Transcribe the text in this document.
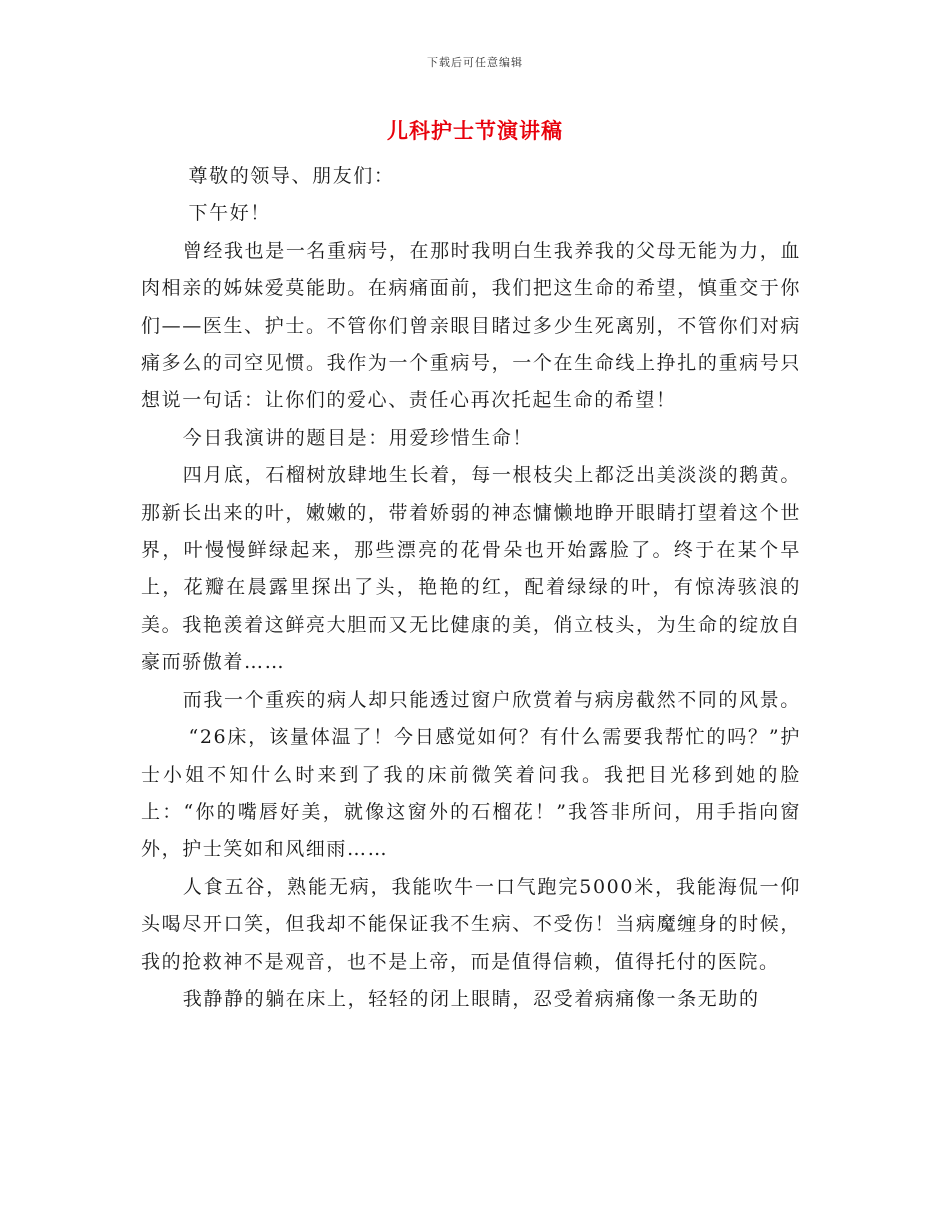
下载后可任意编辑
儿科护士节演讲稿

尊敬的领导、朋友们：

下午好！

曾经我也是一名重病号，在那时我明白生我养我的父母无能为力，血肉相亲的姊妹爱莫能助。在病痛面前，我们把这生命的希望，慎重交于你们——医生、护士。不管你们曾亲眼目睹过多少生死离别，不管你们对病痛多么的司空见惯。我作为一个重病号，一个在生命线上挣扎的重病号只想说一句话：让你们的爱心、责任心再次托起生命的希望！

今日我演讲的题目是：用爱珍惜生命！

四月底，石榴树放肆地生长着，每一根枝尖上都泛出美淡淡的鹅黄。那新长出来的叶，嫩嫩的，带着娇弱的神态慵懒地睁开眼睛打望着这个世界，叶慢慢鲜绿起来，那些漂亮的花骨朵也开始露脸了。终于在某个早上，花瓣在晨露里探出了头，艳艳的红，配着绿绿的叶，有惊涛骇浪的美。我艳羡着这鲜亮大胆而又无比健康的美，俏立枝头，为生命的绽放自豪而骄傲着……

而我一个重疾的病人却只能透过窗户欣赏着与病房截然不同的风景。

“26床，该量体温了！今日感觉如何？有什么需要我帮忙的吗？”护士小姐不知什么时来到了我的床前微笑着问我。我把目光移到她的脸上：“你的嘴唇好美，就像这窗外的石榴花！”我答非所问，用手指向窗外，护士笑如和风细雨……

人食五谷，熟能无病，我能吹牛一口气跑完5000米，我能海侃一仰头喝尽开口笑，但我却不能保证我不生病、不受伤！当病魔缠身的时候，我的抢救神不是观音，也不是上帝，而是值得信赖，值得托付的医院。

我静静的躺在床上，轻轻的闭上眼睛，忍受着病痛像一条无助的
